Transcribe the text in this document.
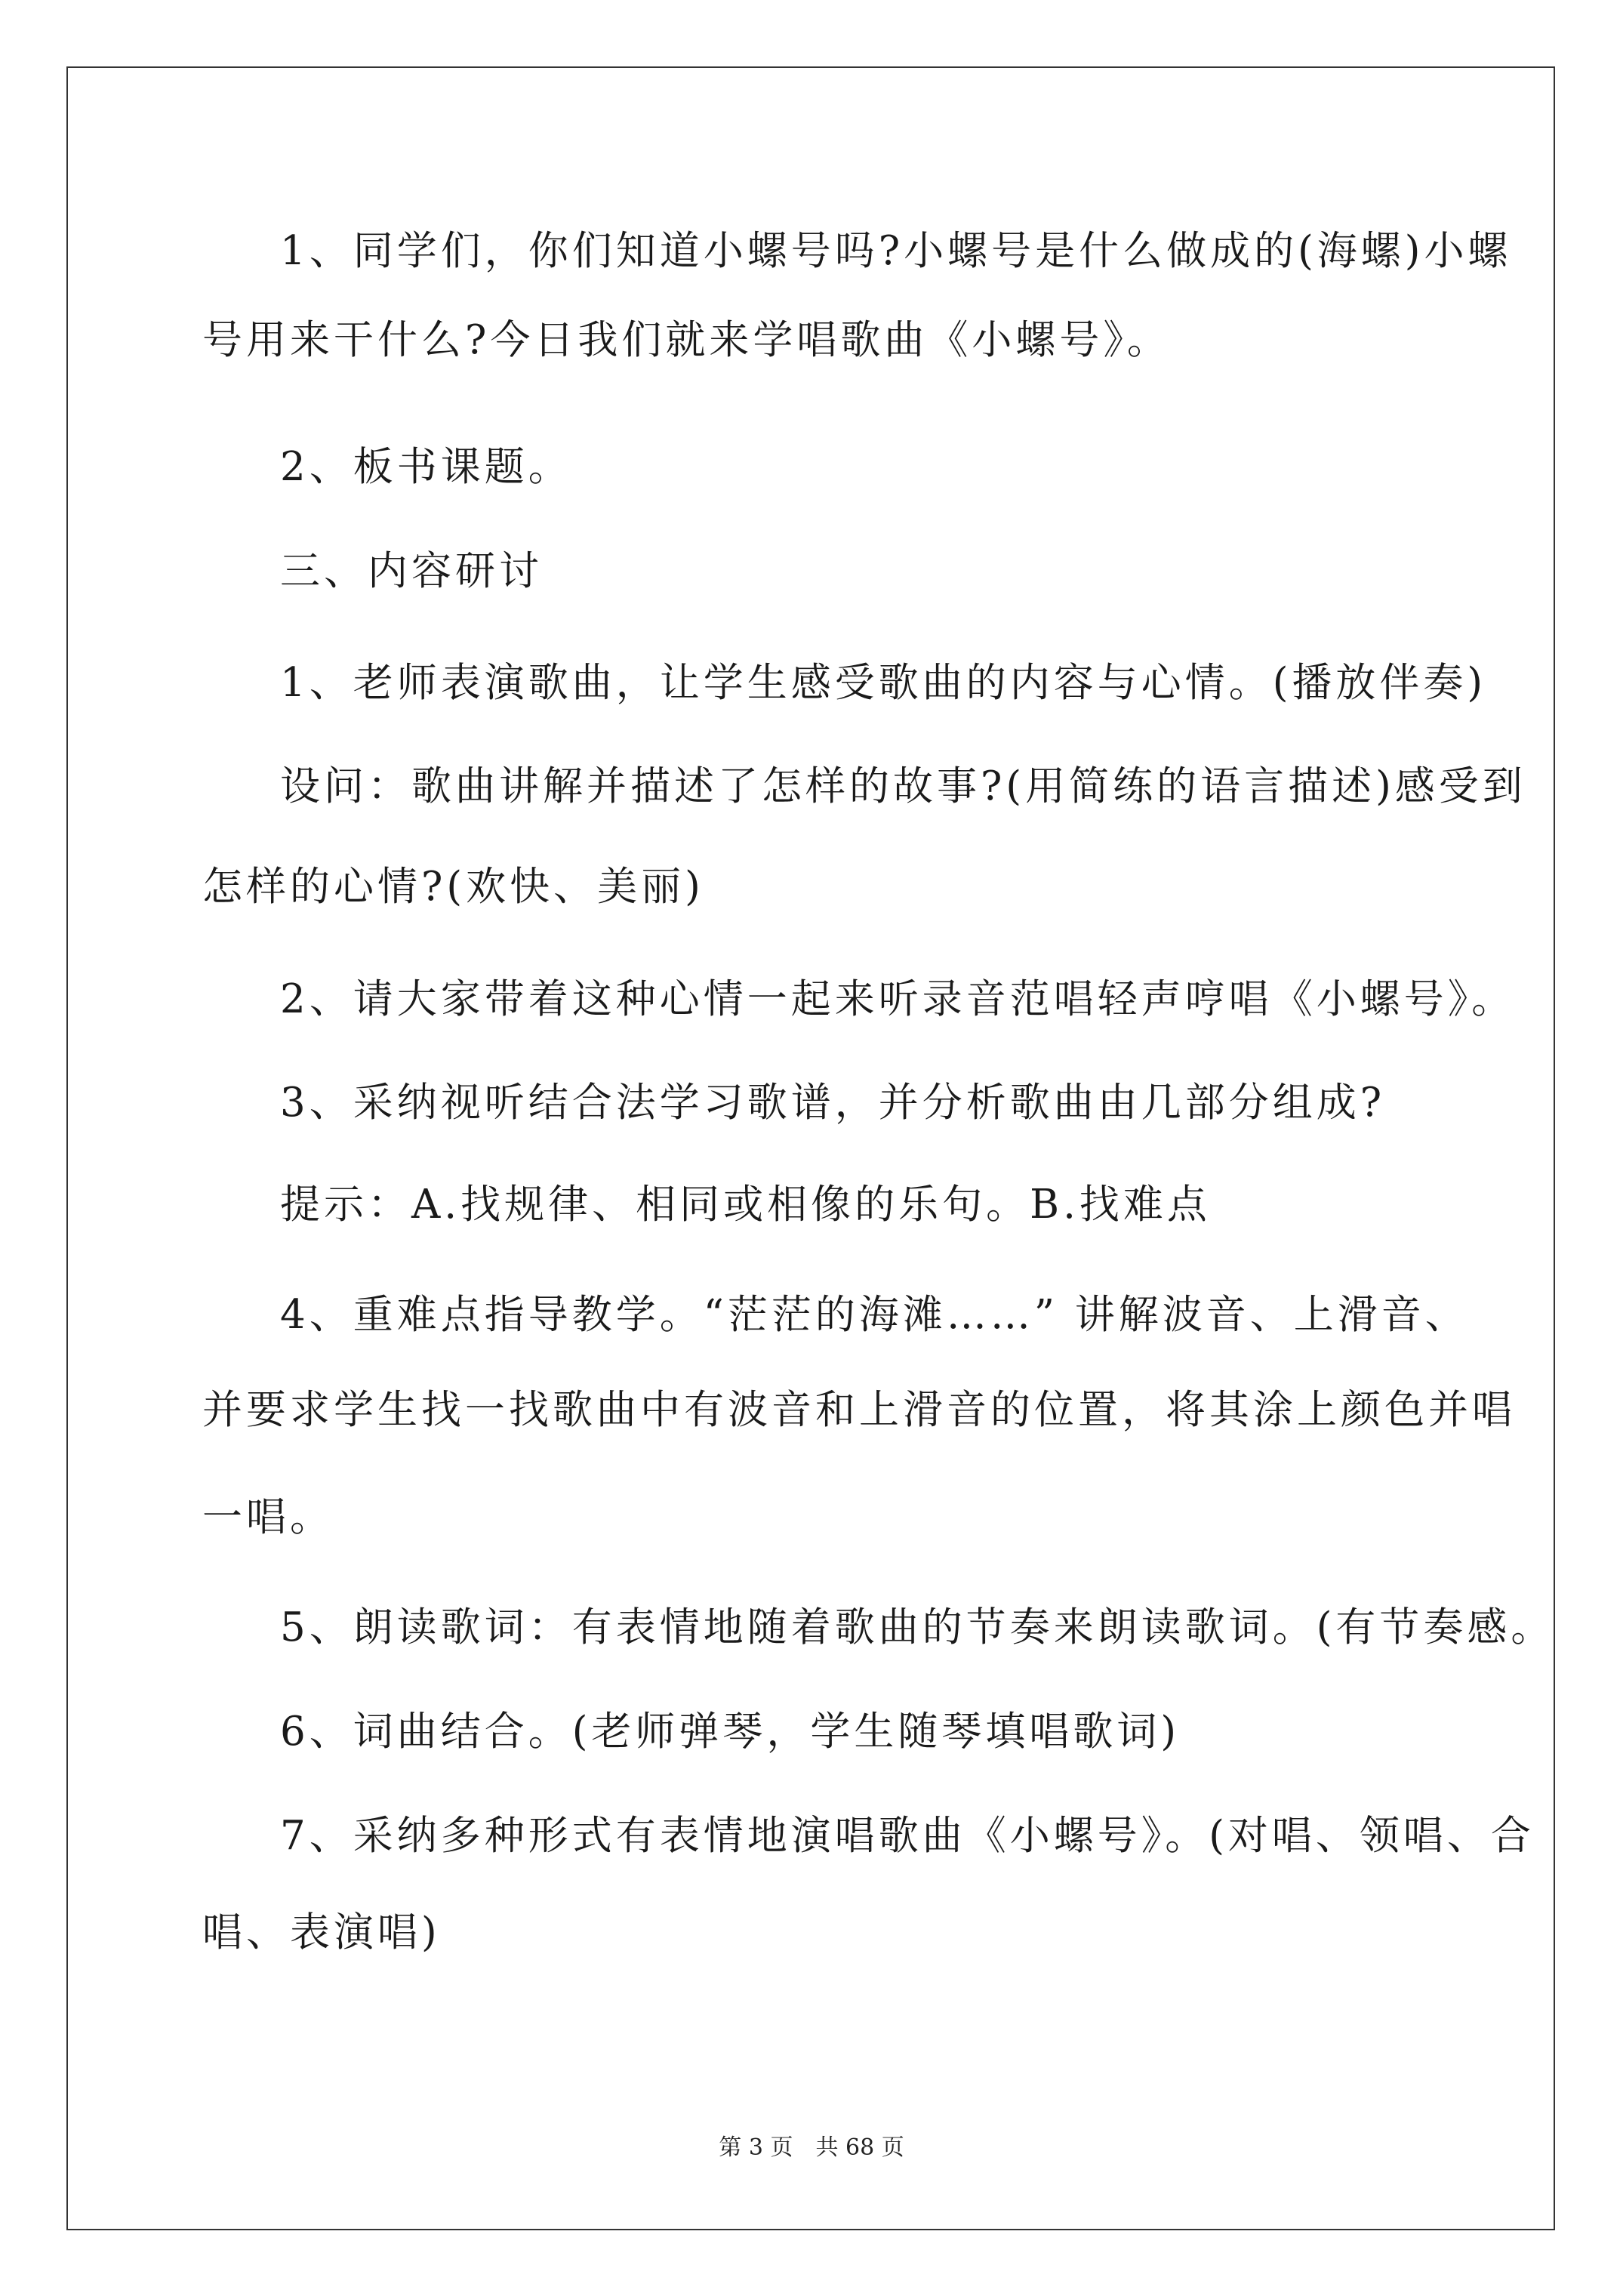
1、同学们，你们知道小螺号吗?小螺号是什么做成的(海螺)小螺

号用来干什么?今日我们就来学唱歌曲《小螺号》。

2、板书课题。

三、内容研讨

1、老师表演歌曲，让学生感受歌曲的内容与心情。(播放伴奏)

设问：歌曲讲解并描述了怎样的故事?(用简练的语言描述)感受到

怎样的心情?(欢快、美丽)

2、请大家带着这种心情一起来听录音范唱轻声哼唱《小螺号》。

3、采纳视听结合法学习歌谱，并分析歌曲由几部分组成?

提示：A.找规律、相同或相像的乐句。B.找难点

4、重难点指导教学。“茫茫的海滩……” 讲解波音、上滑音、

并要求学生找一找歌曲中有波音和上滑音的位置，将其涂上颜色并唱

一唱。

5、朗读歌词：有表情地随着歌曲的节奏来朗读歌词。(有节奏感。

6、词曲结合。(老师弹琴，学生随琴填唱歌词)

7、采纳多种形式有表情地演唱歌曲《小螺号》。(对唱、领唱、合

唱、表演唱)

第 3 页 共 68 页
